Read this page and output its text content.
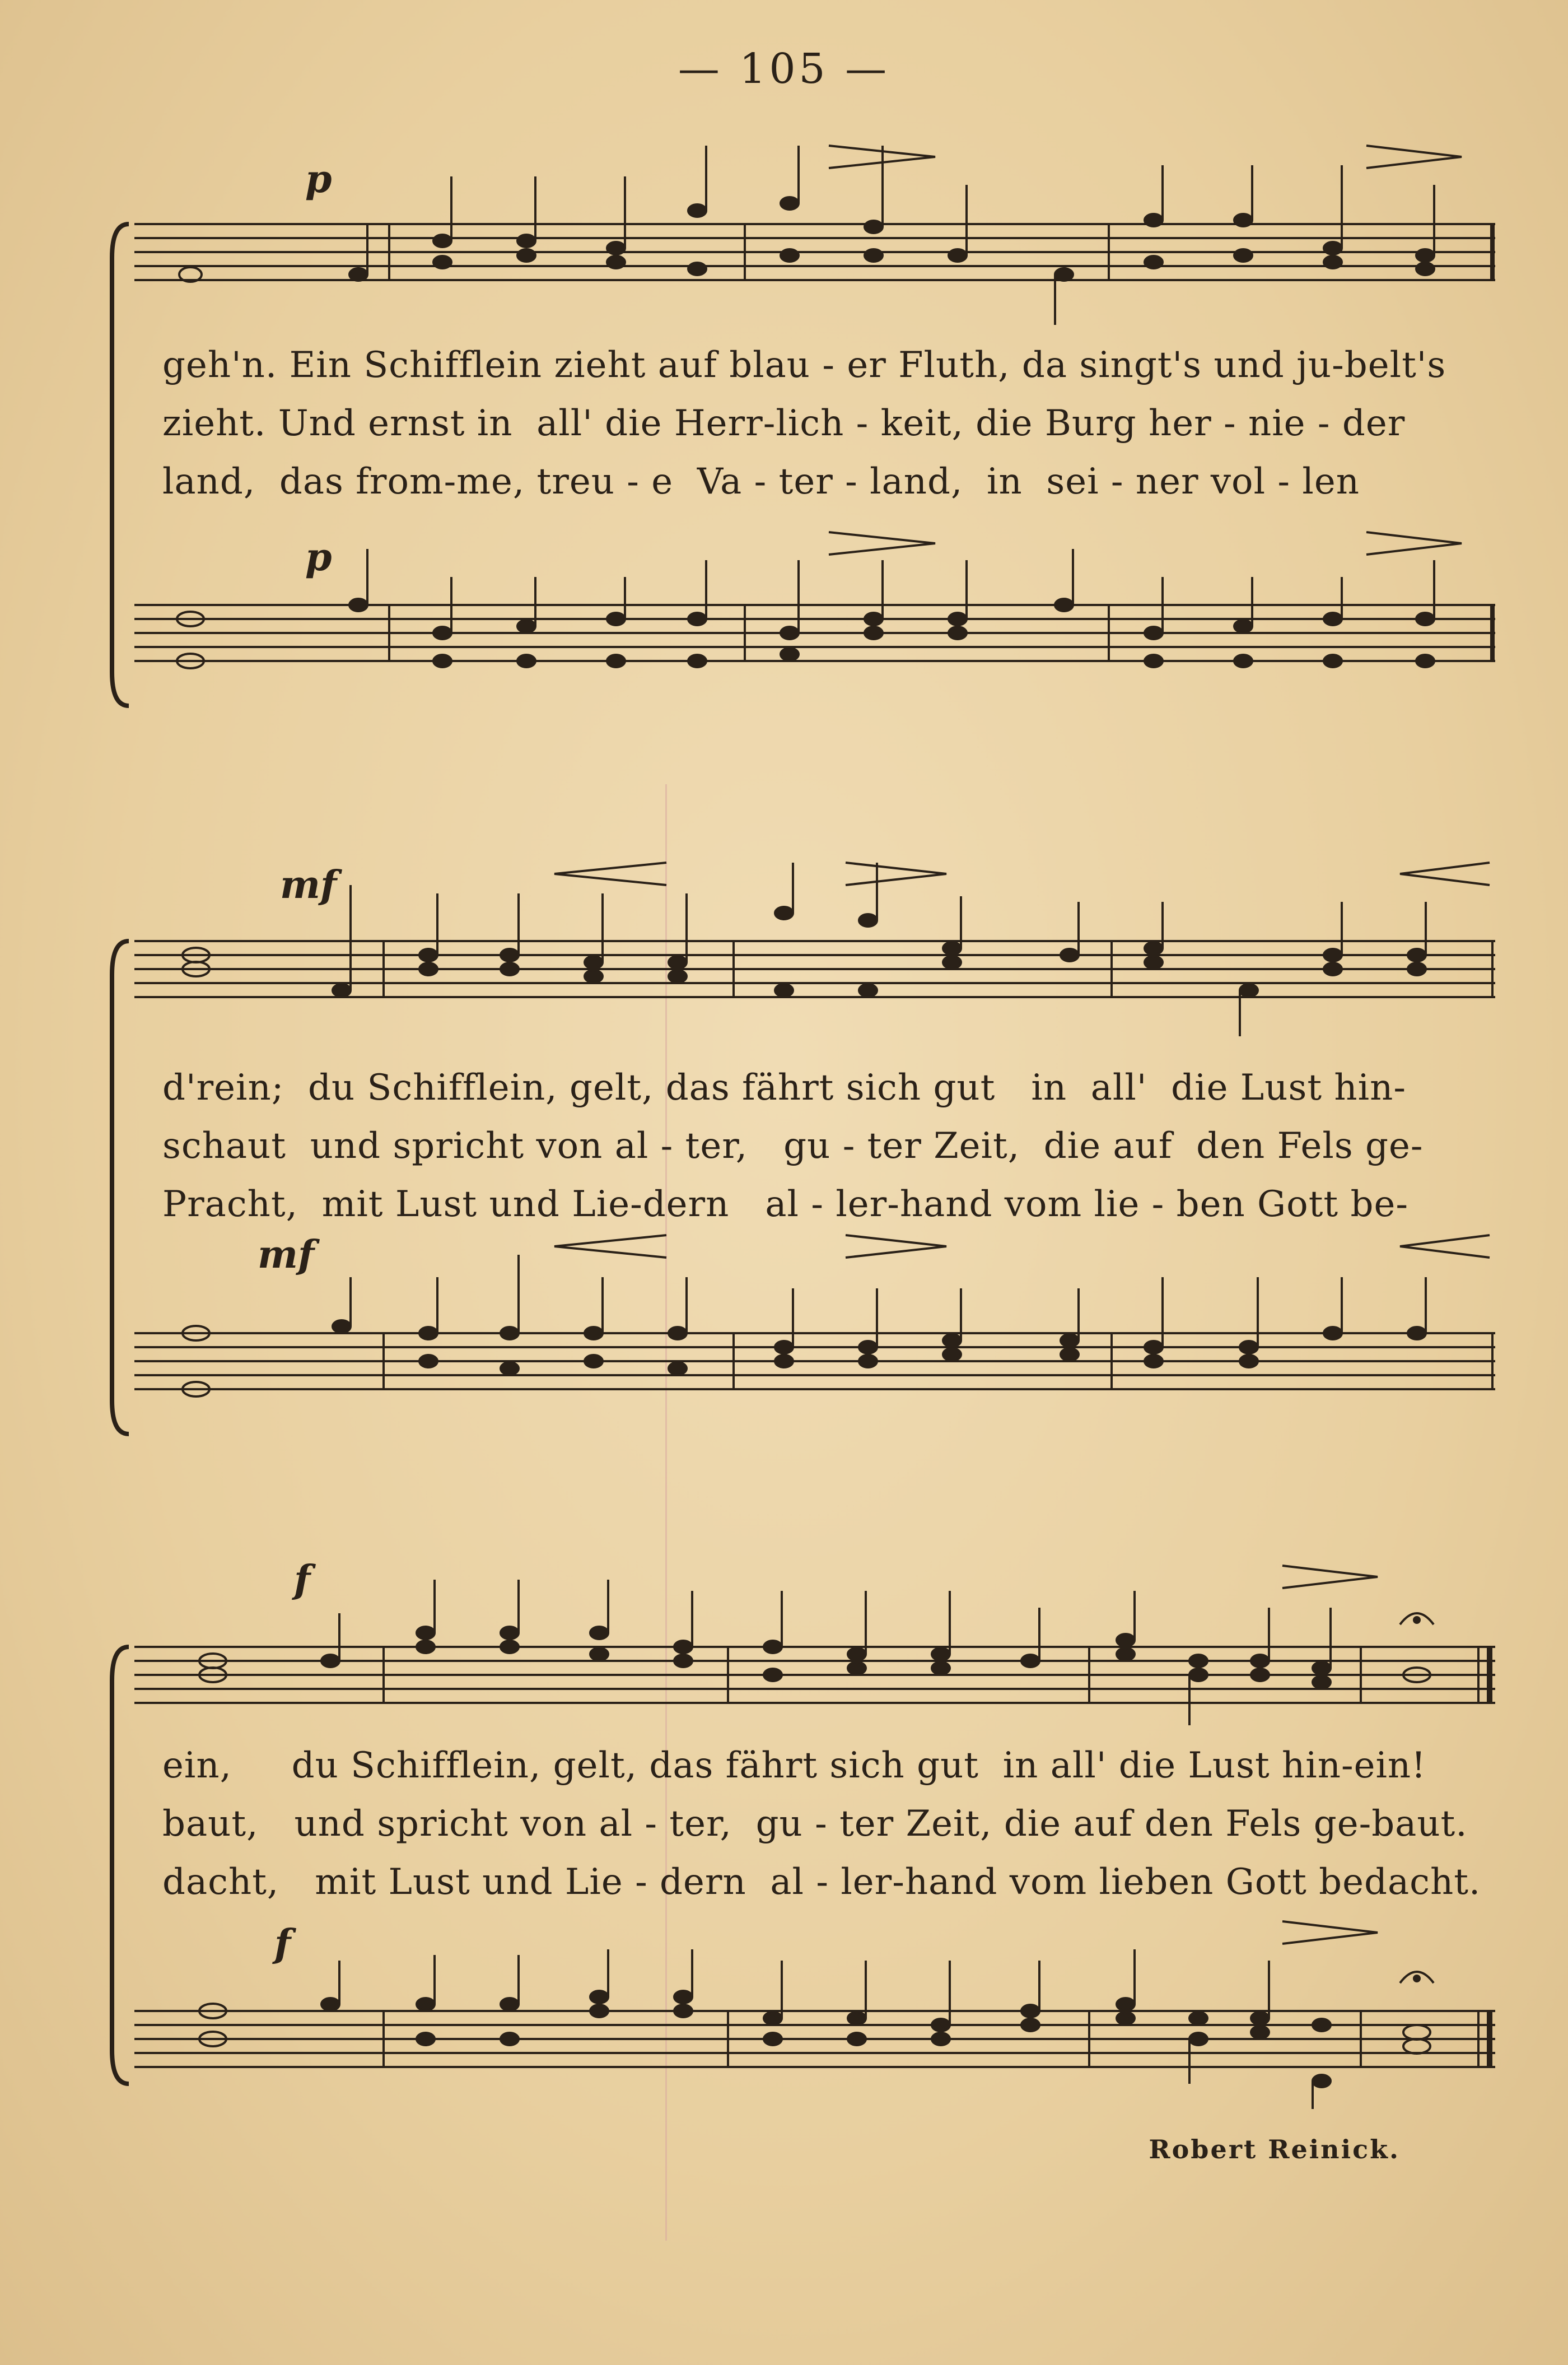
— 105 —
p
p
geh'n. Ein Schifflein zieht auf blau - er Fluth, da singt's und ju-belt's
zieht. Und ernst in  all' die Herr-lich - keit, die Burg her - nie - der
land,  das from-me, treu - e  Va - ter - land,  in  sei - ner vol - len
mf
mf
d'rein;  du Schifflein, gelt, das fährt sich gut   in  all'  die Lust hin-
schaut  und spricht von al - ter,   gu - ter Zeit,  die auf  den Fels ge-
Pracht,  mit Lust und Lie-dern   al - ler-hand vom lie - ben Gott be-
f
f
ein,     du Schifflein, gelt, das fährt sich gut  in all' die Lust hin-ein!
baut,   und spricht von al - ter,  gu - ter Zeit, die auf den Fels ge-baut.
dacht,   mit Lust und Lie - dern  al - ler-hand vom lieben Gott bedacht.
Robert Reinick.
